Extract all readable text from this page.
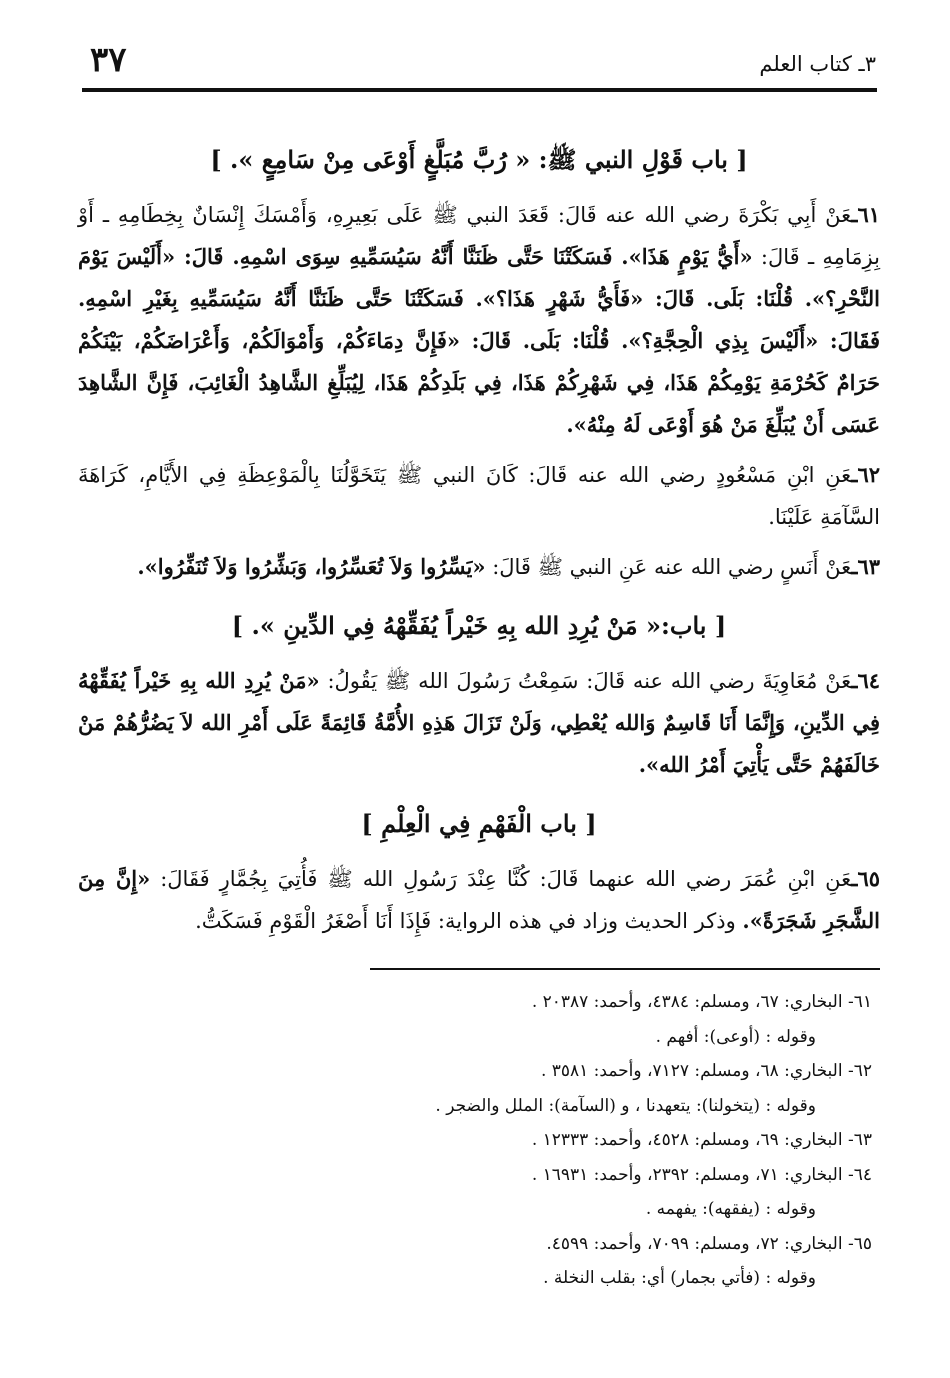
٣٧	٣ـ كتاب العلم
[ باب قَوْلِ النبي ﷺ: « رُبَّ مُبَلَّغٍ أَوْعَى مِنْ سَامِعٍ ». ]

٦١ـعَنْ أَبِي بَكْرَةَ رضي الله عنه قَالَ: قَعَدَ النبي ﷺ عَلَى بَعِيرِهِ، وَأَمْسَكَ إِنْسَانٌ بِخِطَامِهِ ـ أَوْ بِزِمَامِهِ ـ قَالَ: «أَيُّ يَوْمٍ هَذَا». فَسَكَتْنَا حَتَّى ظَنَنَّا أَنَّهُ سَيُسَمِّيهِ سِوَى اسْمِهِ. قَالَ: «أَلَيْسَ يَوْمَ النَّحْرِ؟». قُلْنَا: بَلَى. قَالَ: «فَأَيُّ شَهْرٍ هَذَا؟». فَسَكَتْنَا حَتَّى ظَنَنَّا أَنَّهُ سَيُسَمِّيهِ بِغَيْرِ اسْمِهِ. فَقَالَ: «أَلَيْسَ بِذِي الْحِجَّةِ؟». قُلْنَا: بَلَى. قَالَ: «فَإِنَّ دِمَاءَكُمْ، وَأَمْوَالَكُمْ، وَأَعْرَاضَكُمْ، بَيْنَكُمْ حَرَامٌ كَحُرْمَةِ يَوْمِكُمْ هَذَا، فِي شَهْرِكُمْ هَذَا، فِي بَلَدِكُمْ هَذَا، لِيُبَلِّغِ الشَّاهِدُ الْغَائِبَ، فَإِنَّ الشَّاهِدَ عَسَى أَنْ يُبَلِّغَ مَنْ هُوَ أَوْعَى لَهُ مِنْهُ».

٦٢ـعَنِ ابْنِ مَسْعُودٍ رضي الله عنه قَالَ: كَانَ النبي ﷺ يَتَخَوَّلُنَا بِالْمَوْعِظَةِ فِي الأَيَّامِ، كَرَاهَةَ السَّآمَةِ عَلَيْنَا.

٦٣ـعَنْ أَنَسٍ رضي الله عنه عَنِ النبي ﷺ قَالَ: «يَسِّرُوا وَلاَ تُعَسِّرُوا، وَبَشِّرُوا وَلاَ تُنَفِّرُوا».

[ باب:« مَنْ يُرِدِ الله بِهِ خَيْراً يُفَقِّهْهُ فِي الدِّينِ ». ]

٦٤ـعَنْ مُعَاوِيَةَ رضي الله عنه قَالَ: سَمِعْتُ رَسُولَ الله ﷺ يَقُولُ: «مَنْ يُرِدِ الله بِهِ خَيْراً يُفَقِّهْهُ فِي الدِّينِ، وَإِنَّمَا أَنَا قَاسِمٌ وَالله يُعْطِي، وَلَنْ تَزَالَ هَذِهِ الأُمَّةُ قَائِمَةً عَلَى أَمْرِ الله لاَ يَضُرُّهُمْ مَنْ خَالَفَهُمْ حَتَّى يَأْتِيَ أَمْرُ الله».

[ باب الْفَهْمِ فِي الْعِلْمِ ]

٦٥ـعَنِ ابْنِ عُمَرَ رضي الله عنهما قَالَ: كُنَّا عِنْدَ رَسُولِ الله ﷺ فَأُتِيَ بِجُمَّارٍ فَقَالَ: «إِنَّ مِنَ الشَّجَرِ شَجَرَةً». وذكر الحديث وزاد في هذه الرواية: فَإِذَا أَنَا أَصْغَرُ الْقَوْمِ فَسَكَتُّ.

٦١- البخاري: ٦٧، ومسلم: ٤٣٨٤، وأحمد: ٢٠٣٨٧ .

وقوله : (أوعى): أفهم .

٦٢- البخاري: ٦٨، ومسلم: ٧١٢٧، وأحمد: ٣٥٨١ .

وقوله : (يتخولنا): يتعهدنا ، و (السآمة): الملل والضجر .

٦٣- البخاري: ٦٩، ومسلم: ٤٥٢٨، وأحمد: ١٢٣٣٣ .

٦٤- البخاري: ٧١، ومسلم: ٢٣٩٢، وأحمد: ١٦٩٣١ .

وقوله : (يفقهه): يفهمه .

٦٥- البخاري: ٧٢، ومسلم: ٧٠٩٩، وأحمد: ٤٥٩٩.

وقوله : (فأتي بجمار) أي: بقلب النخلة .
